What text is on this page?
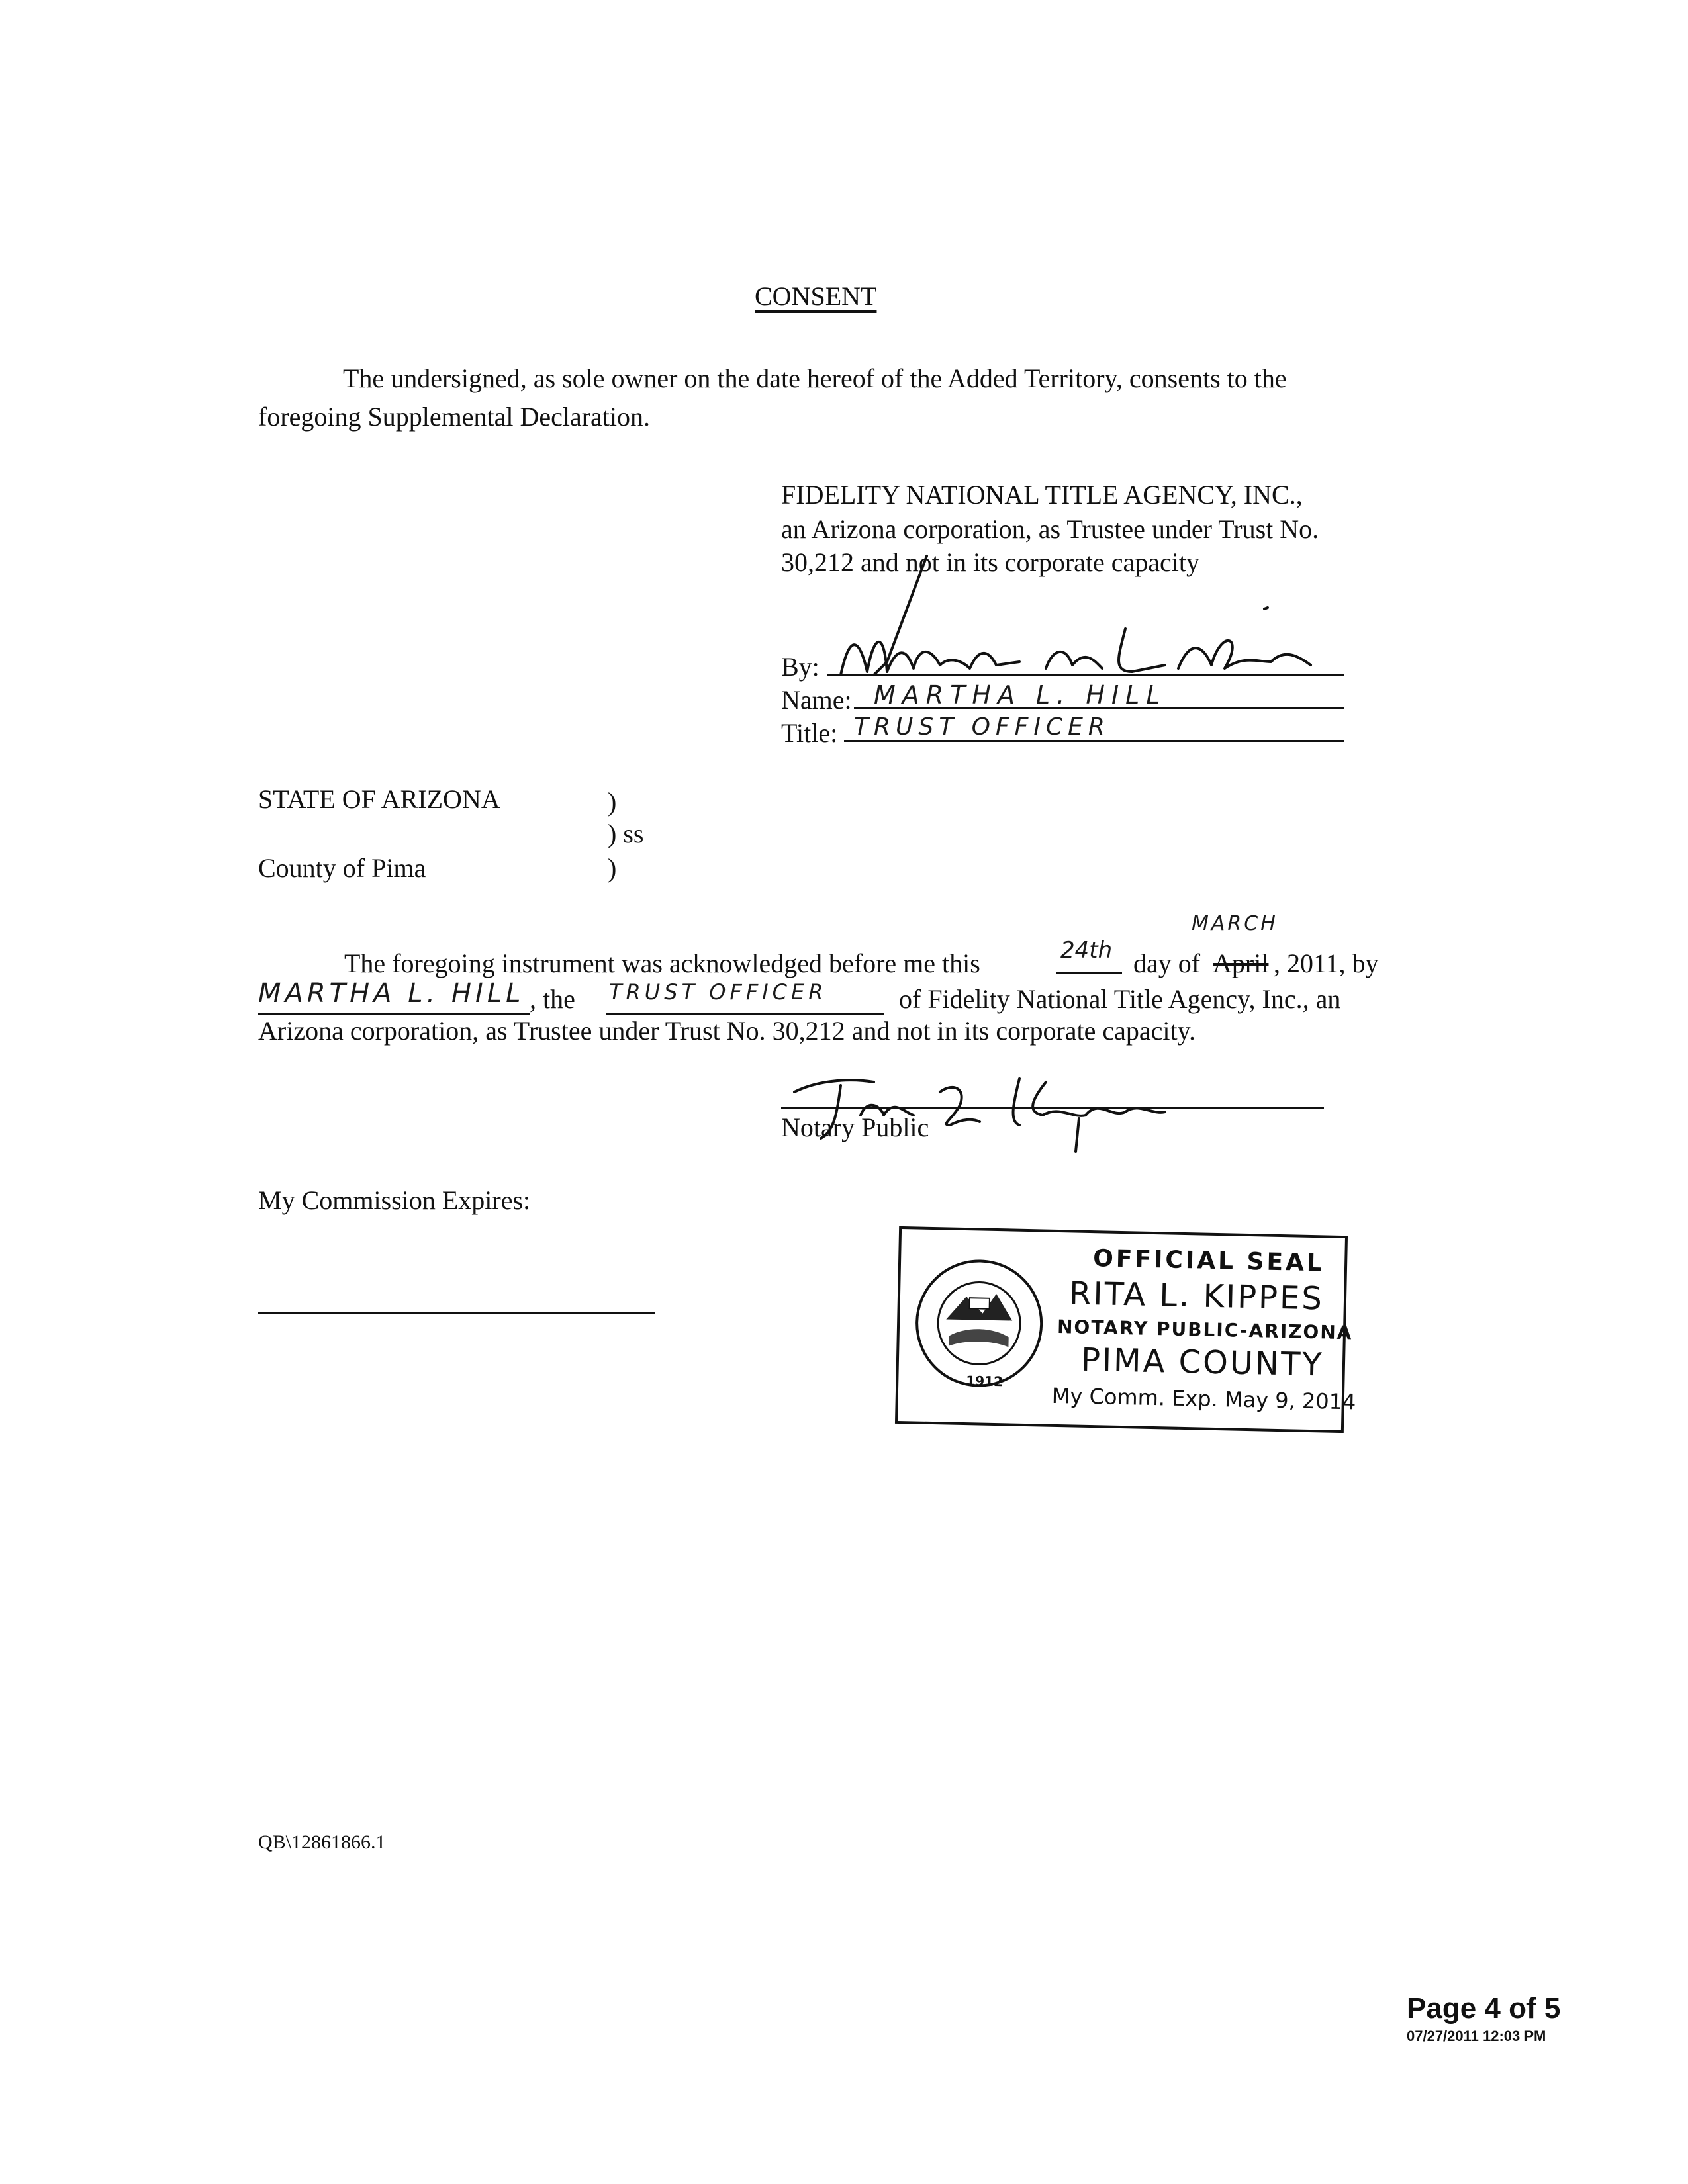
CONSENT
The undersigned, as sole owner on the date hereof of the Added Territory, consents to the
foregoing Supplemental Declaration.
FIDELITY NATIONAL TITLE AGENCY, INC.,
an Arizona corporation, as Trustee under Trust No.
30,212 and not in its corporate capacity
By:
Name: MARTHA L. HILL
Title: TRUST OFFICER
STATE OF ARIZONA	)
) ss
County of Pima	)
The foregoing instrument was acknowledged before me this	24th day of
MARCH
April , 2011, by
MARTHA L. HILL , the TRUST OFFICER	of Fidelity National Title Agency, Inc., an
Arizona corporation, as Trustee under Trust No. 30,212 and not in its corporate capacity.
Notary Public
My Commission Expires:
1912
OFFICIAL SEAL
RITA L. KIPPES
NOTARY PUBLIC-ARIZONA
PIMA COUNTY
My Comm. Exp. May 9, 2014
QB\12861866.1
Page 4 of 5
07/27/2011 12:03 PM
